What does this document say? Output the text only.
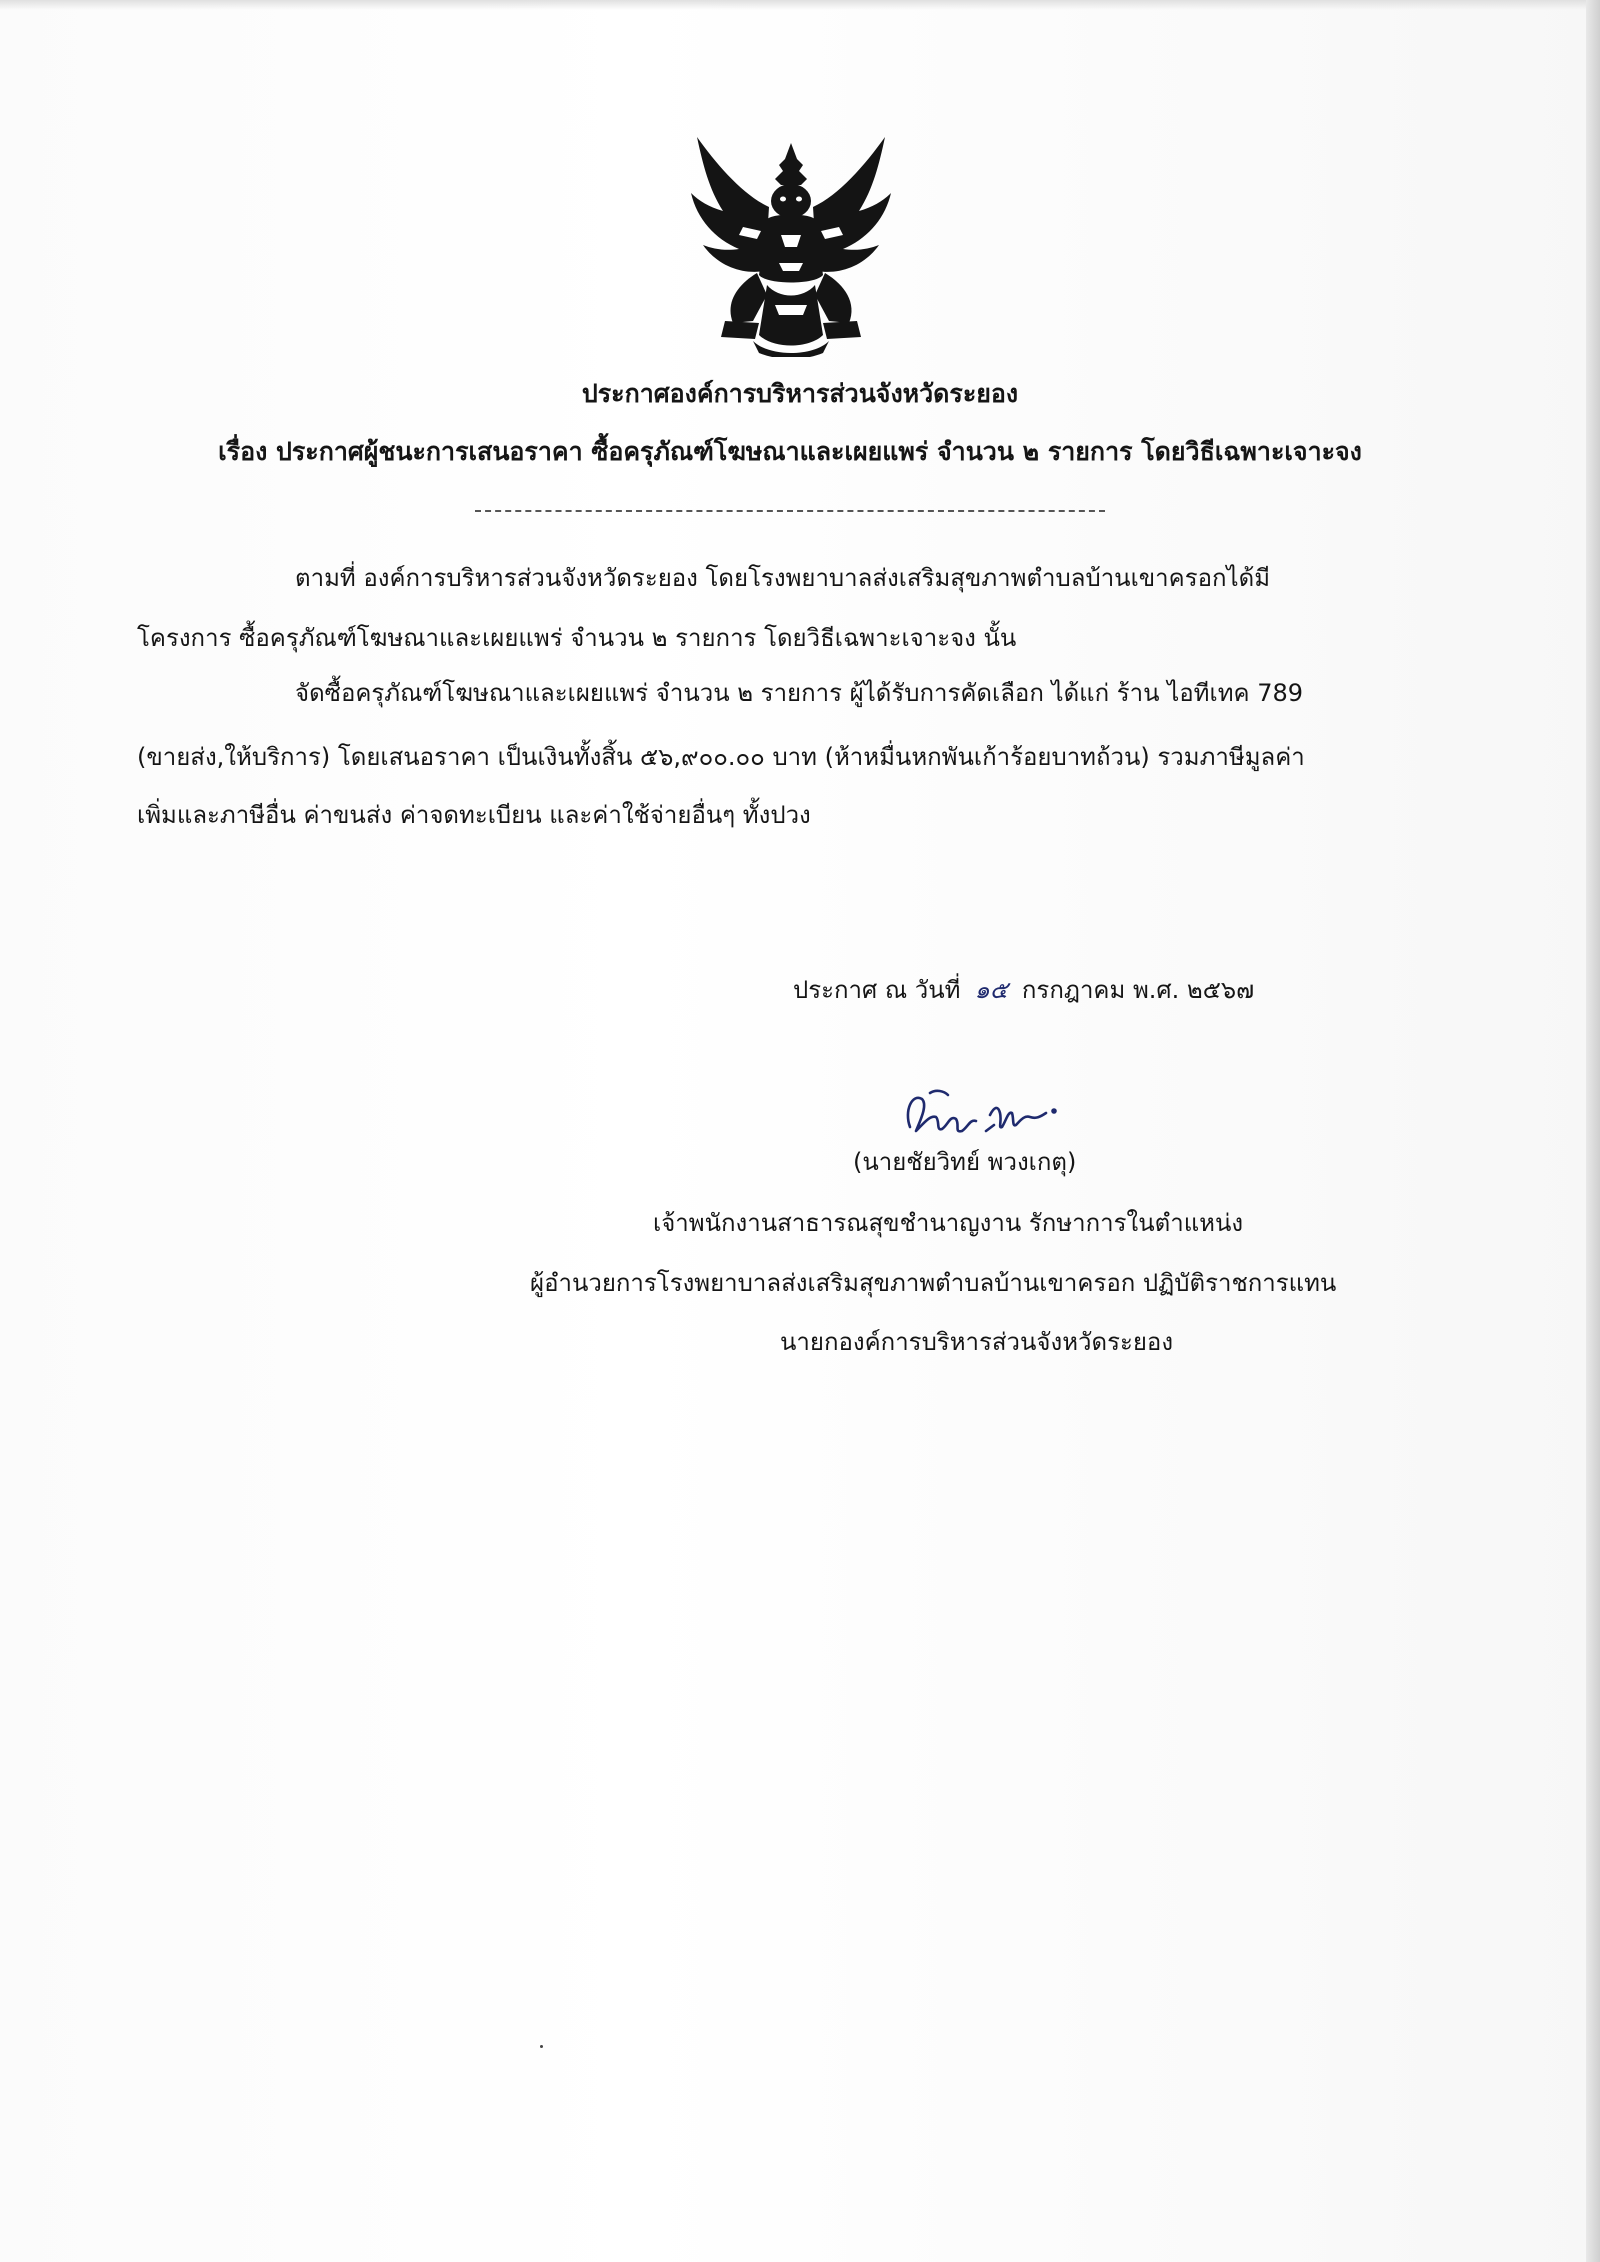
ประกาศองค์การบริหารส่วนจังหวัดระยอง
เรื่อง ประกาศผู้ชนะการเสนอราคา ซื้อครุภัณฑ์โฆษณาและเผยแพร่ จำนวน ๒ รายการ โดยวิธีเฉพาะเจาะจง
ตามที่ องค์การบริหารส่วนจังหวัดระยอง โดยโรงพยาบาลส่งเสริมสุขภาพตำบลบ้านเขาครอกได้มี
โครงการ ซื้อครุภัณฑ์โฆษณาและเผยแพร่ จำนวน ๒ รายการ โดยวิธีเฉพาะเจาะจง นั้น
จัดซื้อครุภัณฑ์โฆษณาและเผยแพร่ จำนวน ๒ รายการ ผู้ได้รับการคัดเลือก ได้แก่ ร้าน ไอทีเทค 789
(ขายส่ง,ให้บริการ) โดยเสนอราคา เป็นเงินทั้งสิ้น ๕๖,๙๐๐.๐๐ บาท (ห้าหมื่นหกพันเก้าร้อยบาทถ้วน) รวมภาษีมูลค่า
เพิ่มและภาษีอื่น ค่าขนส่ง ค่าจดทะเบียน และค่าใช้จ่ายอื่นๆ ทั้งปวง
ประกาศ ณ วันที่ ๑๕ กรกฎาคม พ.ศ. ๒๕๖๗
(นายชัยวิทย์ พวงเกตุ)
เจ้าพนักงานสาธารณสุขชำนาญงาน รักษาการในตำแหน่ง
ผู้อำนวยการโรงพยาบาลส่งเสริมสุขภาพตำบลบ้านเขาครอก ปฏิบัติราชการแทน
นายกองค์การบริหารส่วนจังหวัดระยอง
